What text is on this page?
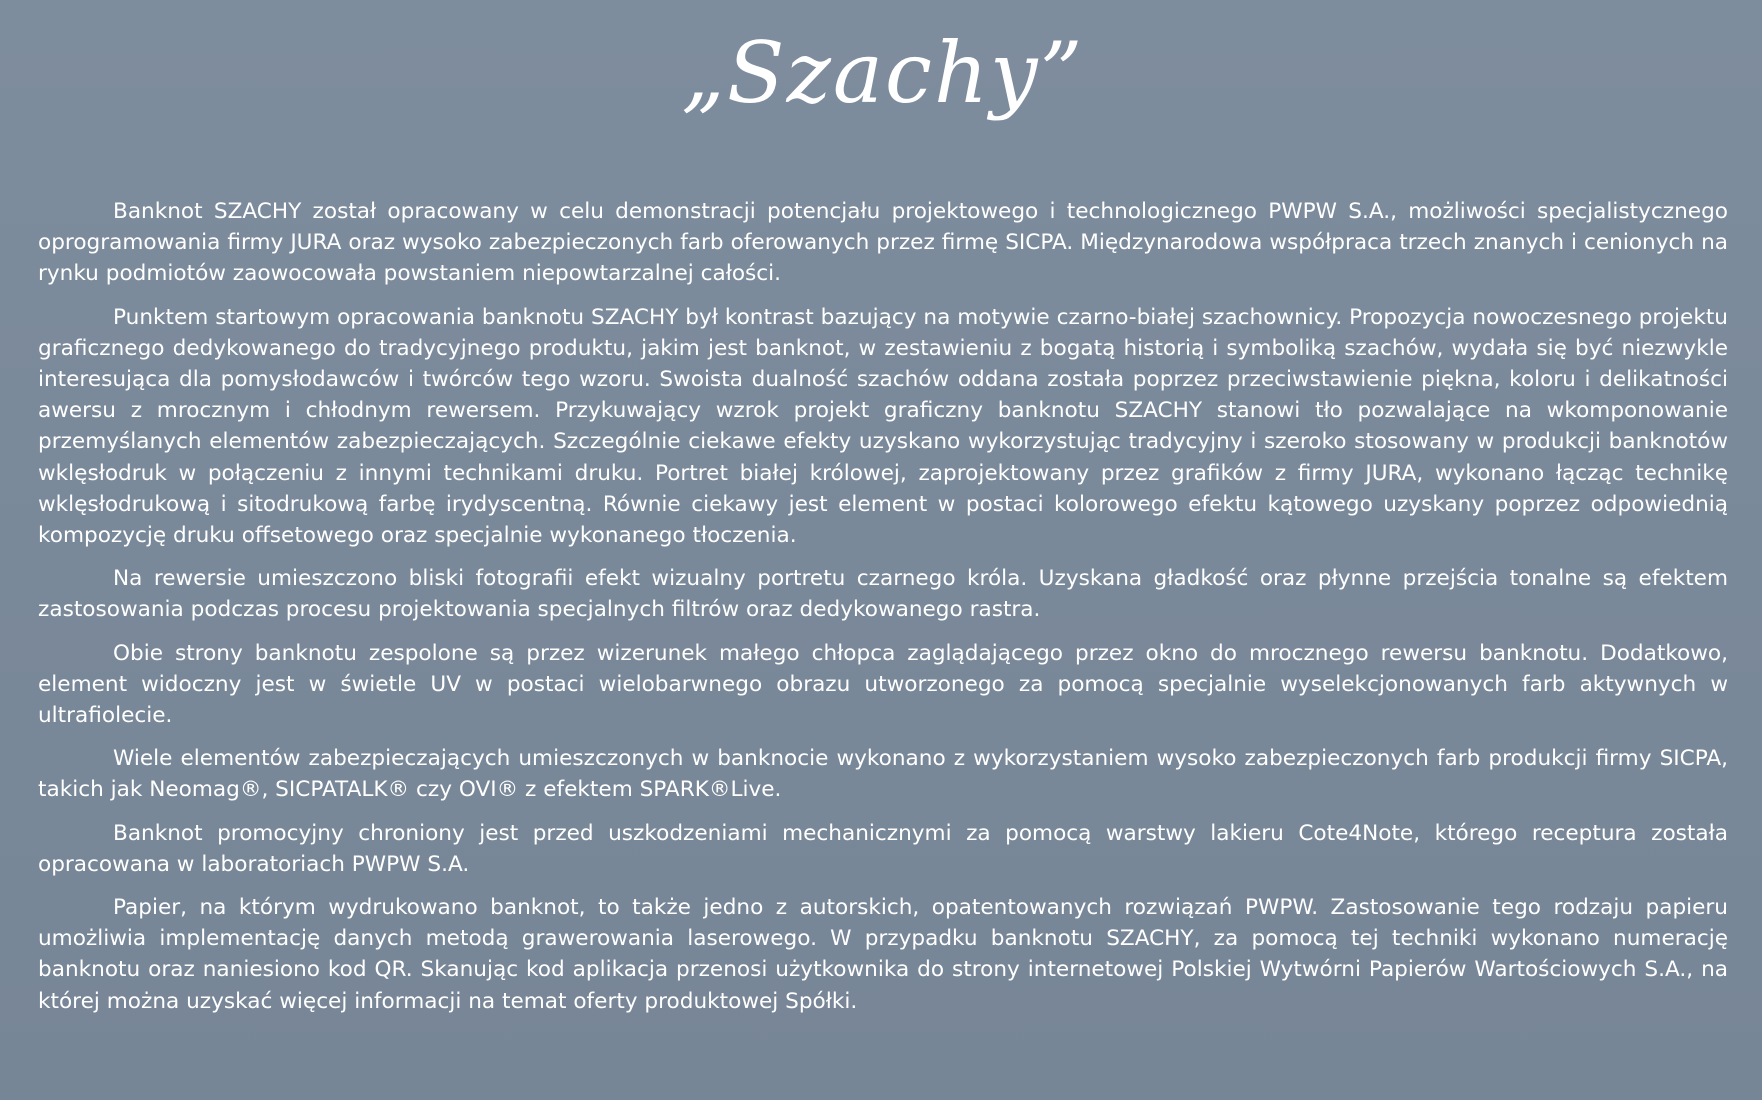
„Szachy”

Banknot SZACHY został opracowany w celu demonstracji potencjału projektowego i technologicznego PWPW S.A., możliwości specjalistycznego oprogramowania firmy JURA oraz wysoko zabezpieczonych farb oferowanych przez firmę SICPA. Międzynarodowa współpraca trzech znanych i cenionych na rynku podmiotów zaowocowała powstaniem niepowtarzalnej całości.

Punktem startowym opracowania banknotu SZACHY był kontrast bazujący na motywie czarno-białej szachownicy. Propozycja nowoczesnego projektu graficznego dedykowanego do tradycyjnego produktu, jakim jest banknot, w zestawieniu z bogatą historią i symboliką szachów, wydała się być niezwykle interesująca dla pomysłodawców i twórców tego wzoru. Swoista dualność szachów oddana została poprzez przeciwstawienie piękna, koloru i delikatności awersu z mrocznym i chłodnym rewersem. Przykuwający wzrok projekt graficzny banknotu SZACHY stanowi tło pozwalające na wkomponowanie przemyślanych elementów zabezpieczających. Szczególnie ciekawe efekty uzyskano wykorzystując tradycyjny i szeroko stosowany w produkcji banknotów wklęsłodruk w połączeniu z innymi technikami druku. Portret białej królowej, zaprojektowany przez grafików z firmy JURA, wykonano łącząc technikę wklęsłodrukową i sitodrukową farbę irydyscentną. Równie ciekawy jest element w postaci kolorowego efektu kątowego uzyskany poprzez odpowiednią kompozycję druku offsetowego oraz specjalnie wykonanego tłoczenia.

Na rewersie umieszczono bliski fotografii efekt wizualny portretu czarnego króla. Uzyskana gładkość oraz płynne przejścia tonalne są efektem zastosowania podczas procesu projektowania specjalnych filtrów oraz dedykowanego rastra.

Obie strony banknotu zespolone są przez wizerunek małego chłopca zaglądającego przez okno do mrocznego rewersu banknotu. Dodatkowo, element widoczny jest w świetle UV w postaci wielobarwnego obrazu utworzonego za pomocą specjalnie wyselekcjonowanych farb aktywnych w ultrafiolecie.

Wiele elementów zabezpieczających umieszczonych w banknocie wykonano z wykorzystaniem wysoko zabezpieczonych farb produkcji firmy SICPA, takich jak Neomag®, SICPATALK® czy OVI® z efektem SPARK®Live.

Banknot promocyjny chroniony jest przed uszkodzeniami mechanicznymi za pomocą warstwy lakieru Cote4Note, którego receptura została opracowana w laboratoriach PWPW S.A.

Papier, na którym wydrukowano banknot, to także jedno z autorskich, opatentowanych rozwiązań PWPW. Zastosowanie tego rodzaju papieru umożliwia implementację danych metodą grawerowania laserowego. W przypadku banknotu SZACHY, za pomocą tej techniki wykonano numerację banknotu oraz naniesiono kod QR. Skanując kod aplikacja przenosi użytkownika do strony internetowej Polskiej Wytwórni Papierów Wartościowych S.A., na której można uzyskać więcej informacji na temat oferty produktowej Spółki.
